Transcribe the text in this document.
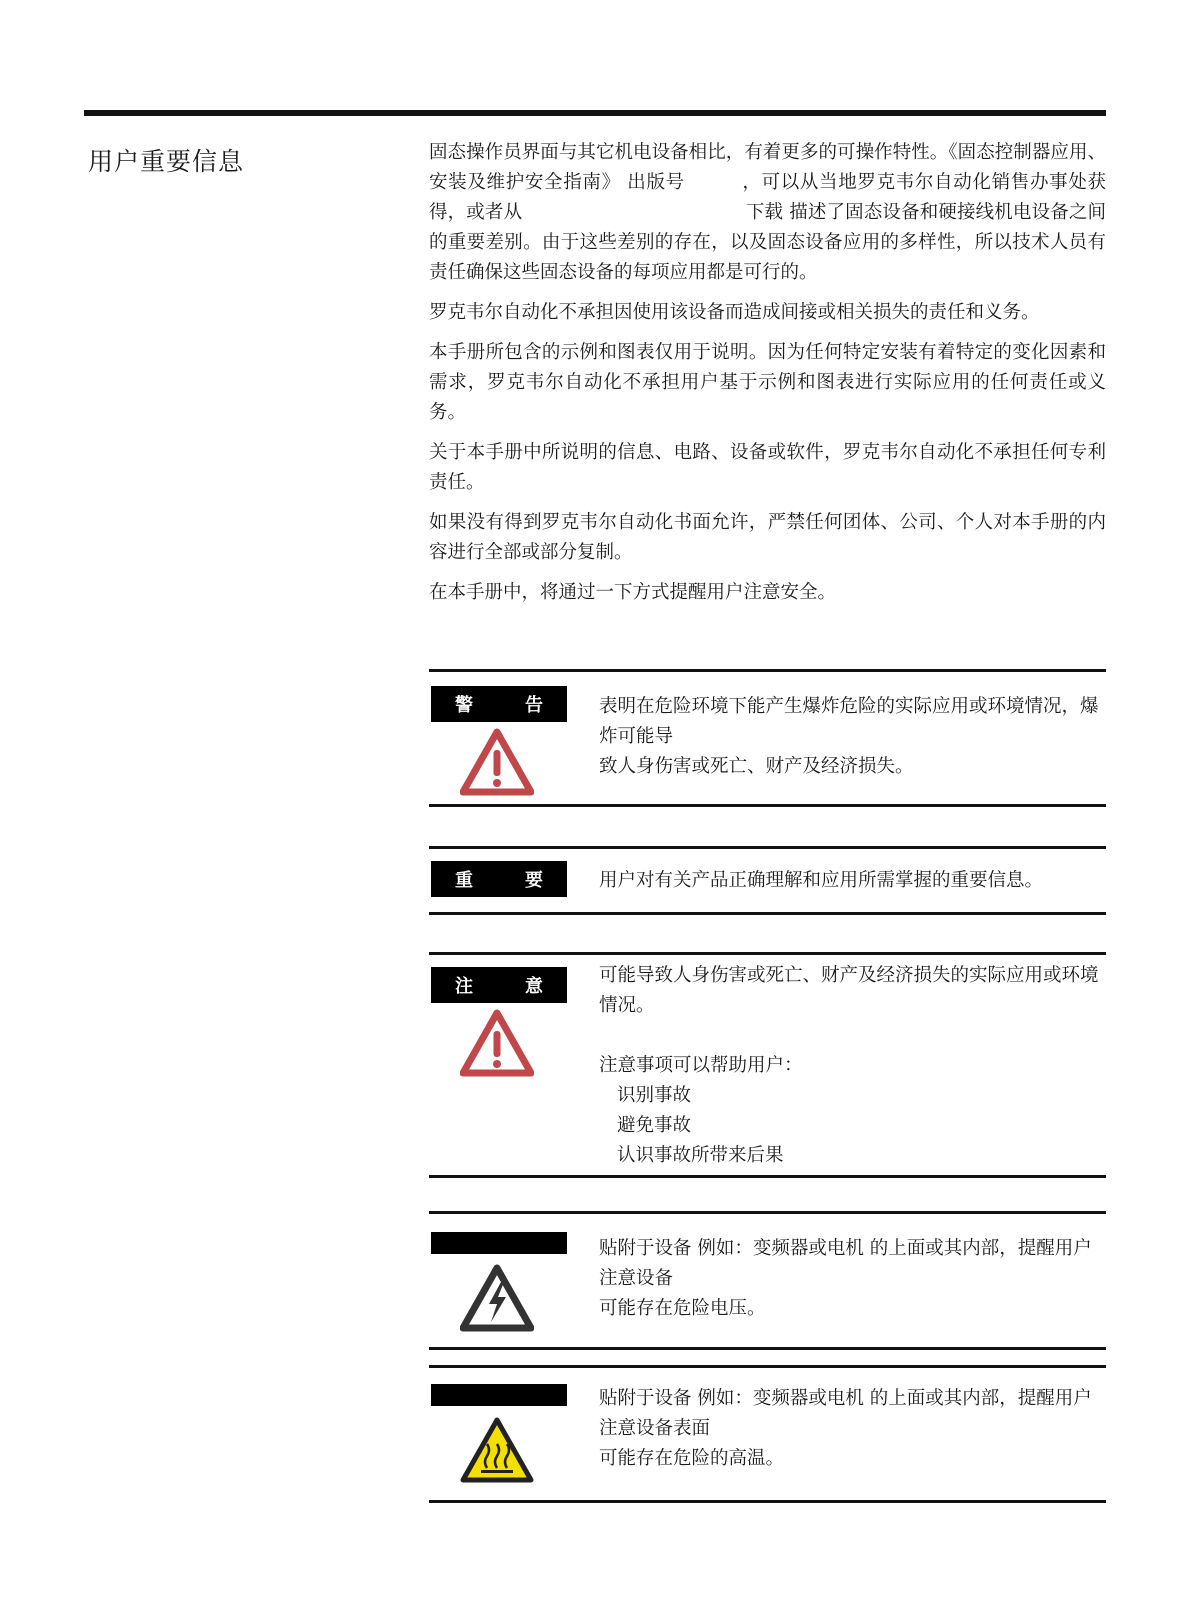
用户重要信息	固态操作员界面与其它机电设备相比，有着更多的可操作特性。《固态控制器应用、安装及维护安全指南》 出版号　　　，可以从当地罗克韦尔自动化销售办事处获得，或者从　　　　　　　　　　　　下载 描述了固态设备和硬接线机电设备之间的重要差别。由于这些差别的存在，以及固态设备应用的多样性，所以技术人员有责任确保这些固态设备的每项应用都是可行的。

罗克韦尔自动化不承担因使用该设备而造成间接或相关损失的责任和义务。

本手册所包含的示例和图表仅用于说明。因为任何特定安装有着特定的变化因素和需求，罗克韦尔自动化不承担用户基于示例和图表进行实际应用的任何责任或义务。

关于本手册中所说明的信息、电路、设备或软件，罗克韦尔自动化不承担任何专利责任。

如果没有得到罗克韦尔自动化书面允许，严禁任何团体、公司、个人对本手册的内容进行全部或部分复制。

在本手册中，将通过一下方式提醒用户注意安全。

警	告	表明在危险环境下能产生爆炸危险的实际应用或环境情况，爆炸可能导

致人身伤害或死亡、财产及经济损失。

重	要	用户对有关产品正确理解和应用所需掌握的重要信息。

注	意

可能导致人身伤害或死亡、财产及经济损失的实际应用或环境情况。

注意事项可以帮助用户：

识别事故
避免事故
认识事故所带来后果

贴附于设备 例如：变频器或电机 的上面或其内部，提醒用户注意设备

可能存在危险电压。

贴附于设备 例如：变频器或电机 的上面或其内部，提醒用户注意设备表面

可能存在危险的高温。
